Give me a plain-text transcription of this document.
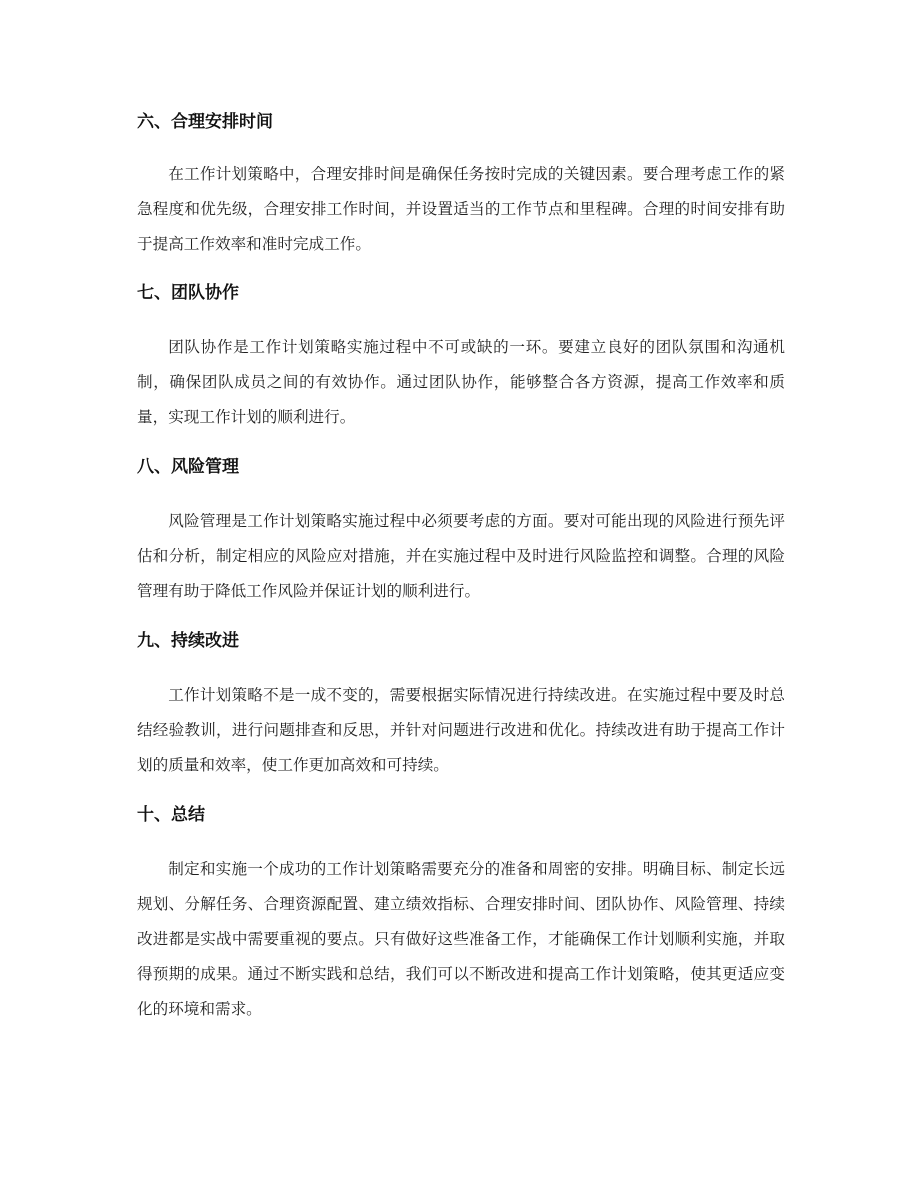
六、合理安排时间

在工作计划策略中，合理安排时间是确保任务按时完成的关键因素。要合理考虑工作的紧急程度和优先级，合理安排工作时间，并设置适当的工作节点和里程碑。合理的时间安排有助于提高工作效率和准时完成工作。

七、团队协作

团队协作是工作计划策略实施过程中不可或缺的一环。要建立良好的团队氛围和沟通机制，确保团队成员之间的有效协作。通过团队协作，能够整合各方资源，提高工作效率和质量，实现工作计划的顺利进行。

八、风险管理

风险管理是工作计划策略实施过程中必须要考虑的方面。要对可能出现的风险进行预先评估和分析，制定相应的风险应对措施，并在实施过程中及时进行风险监控和调整。合理的风险管理有助于降低工作风险并保证计划的顺利进行。

九、持续改进

工作计划策略不是一成不变的，需要根据实际情况进行持续改进。在实施过程中要及时总结经验教训，进行问题排查和反思，并针对问题进行改进和优化。持续改进有助于提高工作计划的质量和效率，使工作更加高效和可持续。

十、总结

制定和实施一个成功的工作计划策略需要充分的准备和周密的安排。明确目标、制定长远规划、分解任务、合理资源配置、建立绩效指标、合理安排时间、团队协作、风险管理、持续改进都是实战中需要重视的要点。只有做好这些准备工作，才能确保工作计划顺利实施，并取得预期的成果。通过不断实践和总结，我们可以不断改进和提高工作计划策略，使其更适应变化的环境和需求。
